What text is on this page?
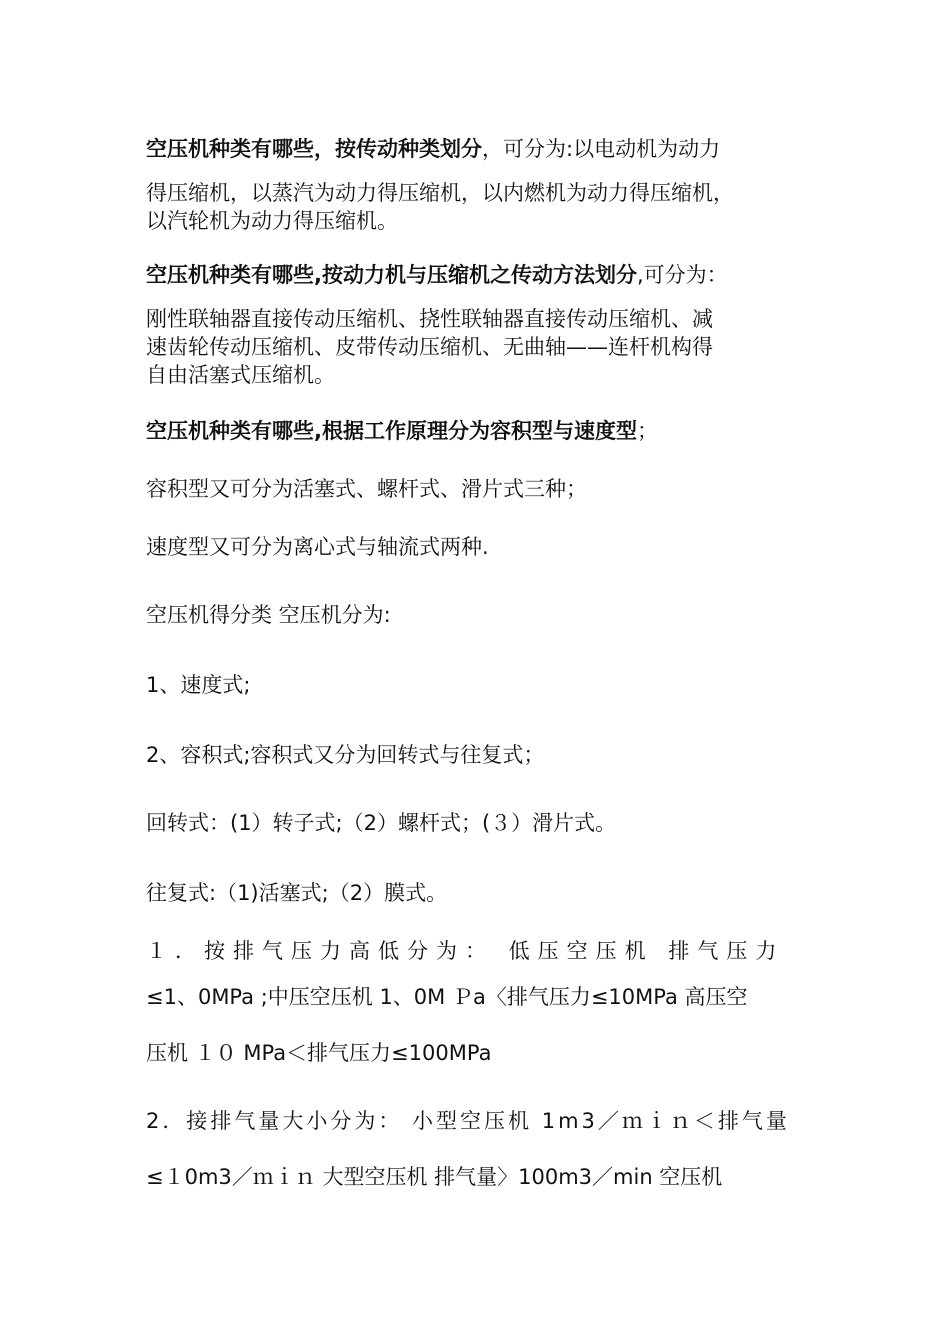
空压机种类有哪些，按传动种类划分，可分为:以电动机为动力
得压缩机，以蒸汽为动力得压缩机，以内燃机为动力得压缩机，
以汽轮机为动力得压缩机。
空压机种类有哪些,按动力机与压缩机之传动方法划分,可分为：
刚性联轴器直接传动压缩机、挠性联轴器直接传动压缩机、减
速齿轮传动压缩机、皮带传动压缩机、无曲轴——连杆机构得
自由活塞式压缩机。
空压机种类有哪些,根据工作原理分为容积型与速度型；
容积型又可分为活塞式、螺杆式、滑片式三种；
速度型又可分为离心式与轴流式两种.
空压机得分类 空压机分为:
1、速度式;
2、容积式;容积式又分为回转式与往复式；
回转式：(1）转子式;（2）螺杆式；(３）滑片式。
往复式:（1)活塞式;（2）膜式。
１．按排气压力高低分为： 低压空压机 排气压力
≤1、0MPa ;中压空压机 1、0M Ｐa〈排气压力≤10MPa 高压空
压机 １０ MPa＜排气压力≤100MPa
2．接排气量大小分为： 小型空压机 1m3／ｍｉｎ＜排气量
≤１0m3／ｍｉｎ 大型空压机 排气量〉100m3／min 空压机
